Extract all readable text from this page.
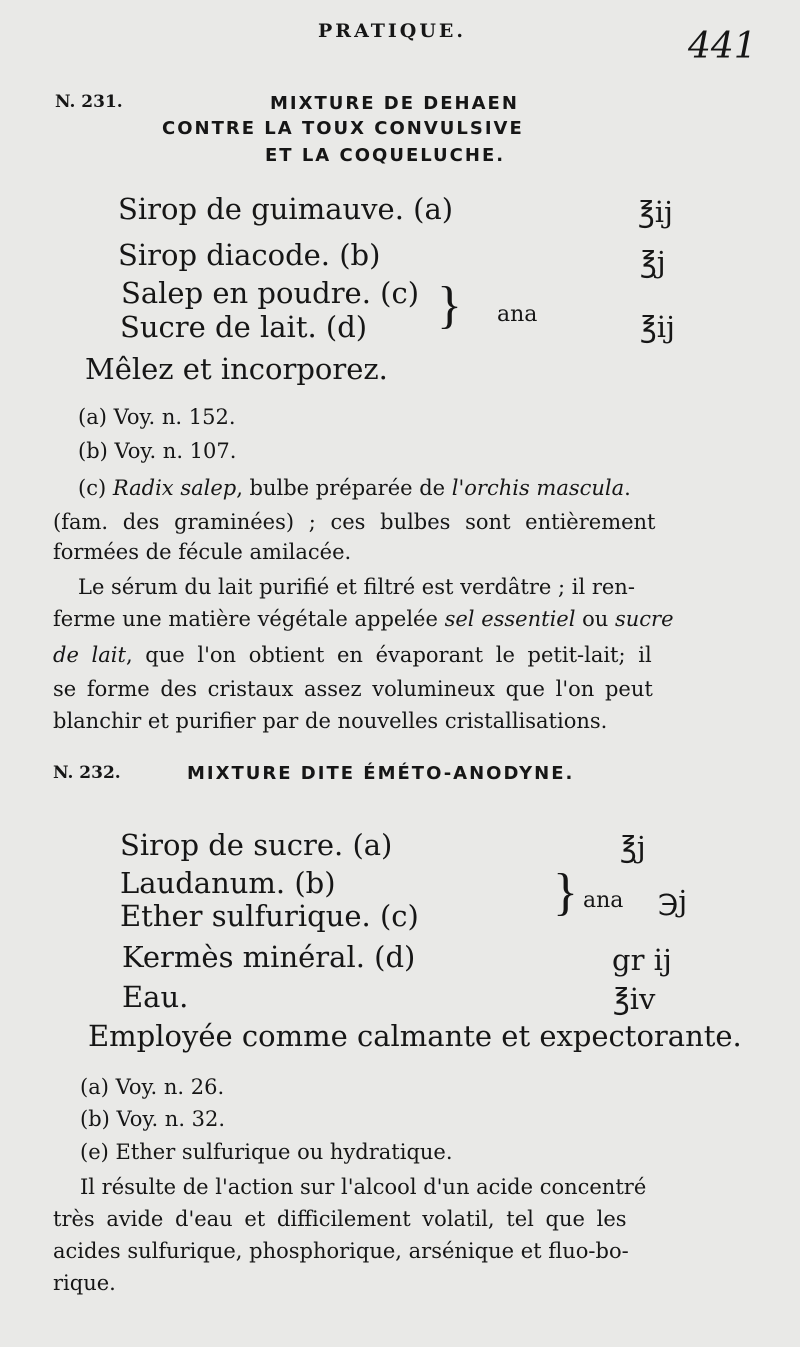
PRATIQUE.	441
N. 231.	MIXTURE DE DEHAEN
CONTRE LA TOUX CONVULSIVE
ET LA COQUELUCHE.
Sirop de guimauve. (a)	℥ij
Sirop diacode. (b)	℥j
Salep en poudre. (c)
Sucre de lait. (d) } ana	℥ij
Mêlez et incorporez.
(a) Voy. n. 152.
(b) Voy. n. 107.
(c) Radix salep, bulbe préparée de l'orchis mascula.
(fam. des graminées) ; ces bulbes sont entièrement
formées de fécule amilacée.
Le sérum du lait purifié et filtré est verdâtre ; il ren-
ferme une matière végétale appelée sel essentiel ou sucre
de lait, que l'on obtient en évaporant le petit-lait; il
se forme des cristaux assez volumineux que l'on peut
blanchir et purifier par de nouvelles cristallisations.
N. 232.	MIXTURE DITE ÉMÉTO-ANODYNE.
Sirop de sucre. (a)	℥j
Laudanum. (b)
Ether sulfurique. (c)	} ana ℈j
Kermès minéral. (d)	gr ij
Eau.	℥iv
Employée comme calmante et expectorante.
(a) Voy. n. 26.
(b) Voy. n. 32.
(e) Ether sulfurique ou hydratique.
Il résulte de l'action sur l'alcool d'un acide concentré
très avide d'eau et difficilement volatil, tel que les
acides sulfurique, phosphorique, arsénique et fluo-bo-
rique.
